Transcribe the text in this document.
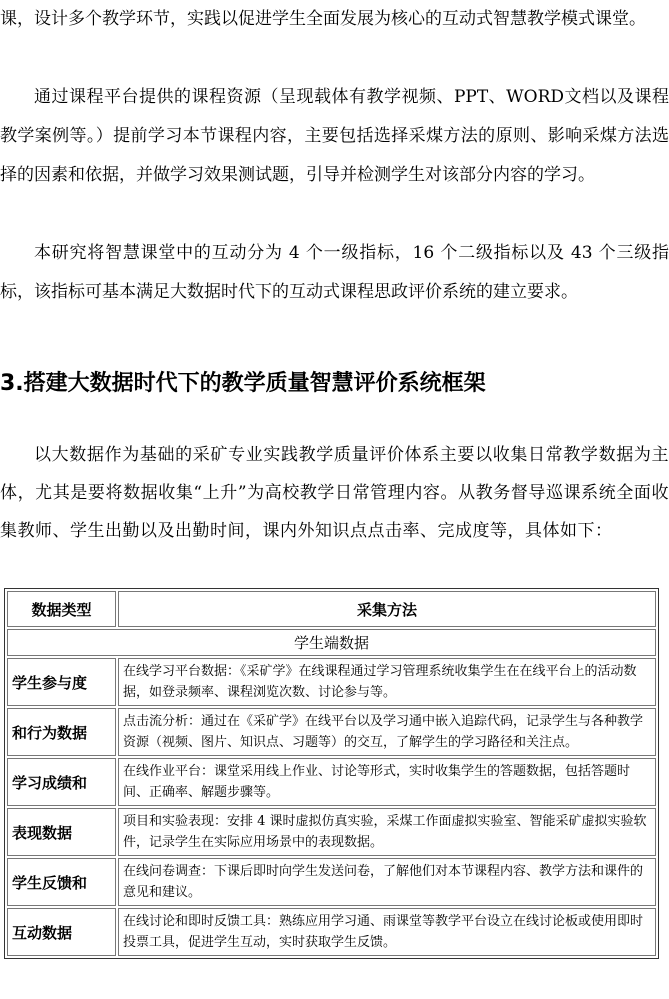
课，设计多个教学环节，实践以促进学生全面发展为核心的互动式智慧教学模式课堂。

通过课程平台提供的课程资源（呈现载体有教学视频、PPT、WORD文档以及课程教学案例等。）提前学习本节课程内容，主要包括选择采煤方法的原则、影响采煤方法选择的因素和依据，并做学习效果测试题，引导并检测学生对该部分内容的学习。

本研究将智慧课堂中的互动分为 4 个一级指标，16 个二级指标以及 43 个三级指标，该指标可基本满足大数据时代下的互动式课程思政评价系统的建立要求。

3.搭建大数据时代下的教学质量智慧评价系统框架

以大数据作为基础的采矿专业实践教学质量评价体系主要以收集日常教学数据为主体，尤其是要将数据收集“上升”为高校教学日常管理内容。从教务督导巡课系统全面收集教师、学生出勤以及出勤时间，课内外知识点点击率、完成度等，具体如下：

数据类型	采集方法
学生端数据	
学生参与度	在线学习平台数据：《采矿学》在线课程通过学习管理系统收集学生在在线平台上的活动数据，如登录频率、课程浏览次数、讨论参与等。
和行为数据	点击流分析：通过在《采矿学》在线平台以及学习通中嵌入追踪代码，记录学生与各种教学资源（视频、图片、知识点、习题等）的交互，了解学生的学习路径和关注点。
学习成绩和	在线作业平台：课堂采用线上作业、讨论等形式，实时收集学生的答题数据，包括答题时间、正确率、解题步骤等。
表现数据	项目和实验表现：安排 4 课时虚拟仿真实验，采煤工作面虚拟实验室、智能采矿虚拟实验软件，记录学生在实际应用场景中的表现数据。
学生反馈和	在线问卷调查：下课后即时向学生发送问卷，了解他们对本节课程内容、教学方法和课件的意见和建议。
互动数据	在线讨论和即时反馈工具：熟练应用学习通、雨课堂等教学平台设立在线讨论板或使用即时投票工具，促进学生互动，实时获取学生反馈。
